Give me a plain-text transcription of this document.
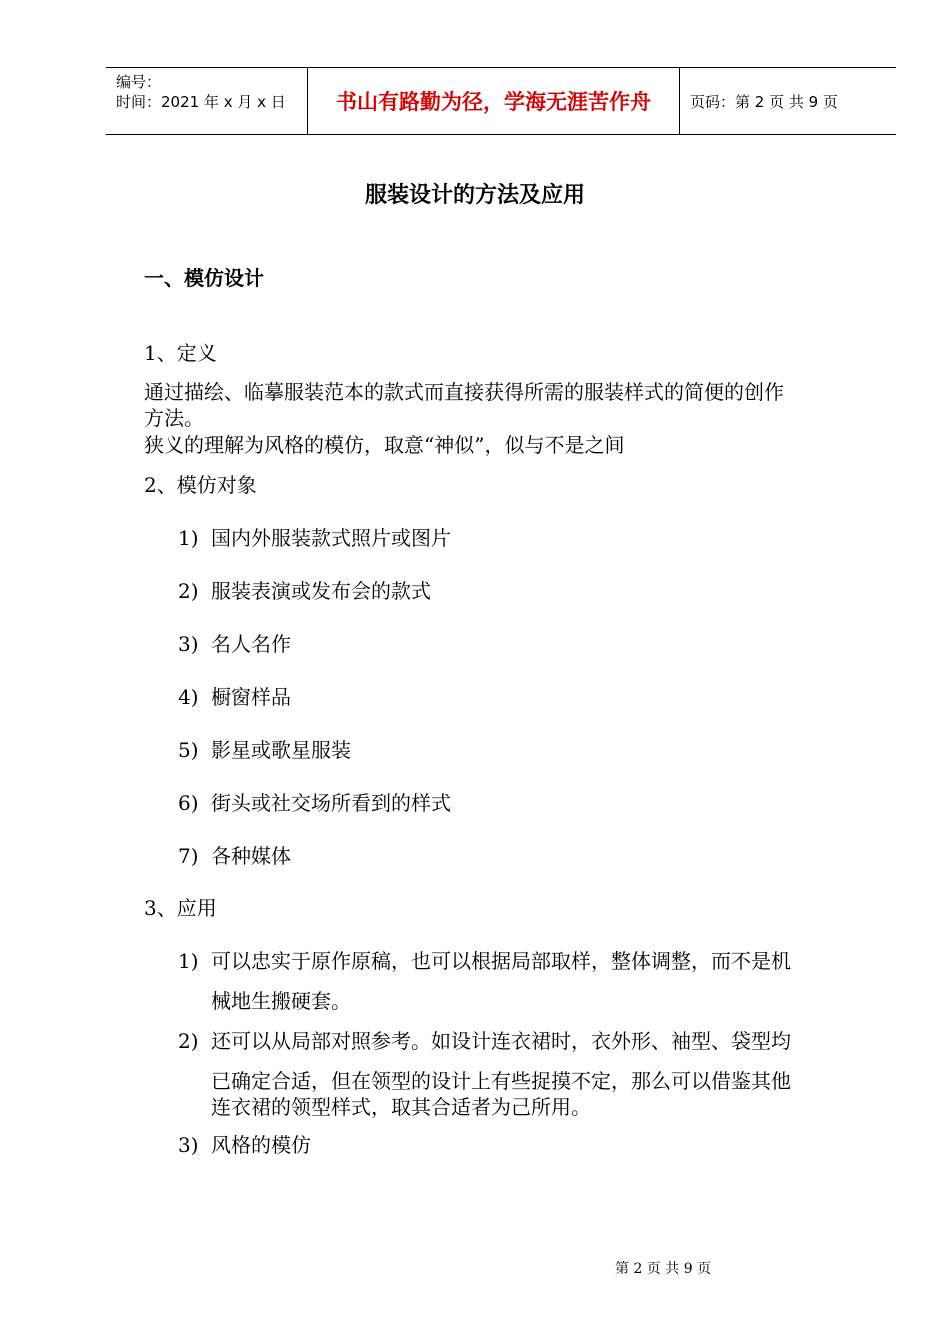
编号：
时间：2021 年 x 月 x 日	书山有路勤为径，学海无涯苦作舟	页码：第 2 页 共 9 页
服装设计的方法及应用
一、模仿设计
1、定义
通过描绘、临摹服装范本的款式而直接获得所需的服装样式的简便的创作
方法。
狭义的理解为风格的模仿，取意“神似”，似与不是之间
2、模仿对象
1) 国内外服装款式照片或图片
2) 服装表演或发布会的款式
3) 名人名作
4) 橱窗样品
5) 影星或歌星服装
6) 街头或社交场所看到的样式
7) 各种媒体
3、应用
1) 可以忠实于原作原稿，也可以根据局部取样，整体调整，而不是机
械地生搬硬套。
2) 还可以从局部对照参考。如设计连衣裙时，衣外形、袖型、袋型均
已确定合适，但在领型的设计上有些捉摸不定，那么可以借鉴其他
连衣裙的领型样式，取其合适者为己所用。
3) 风格的模仿
第 2 页 共 9 页
